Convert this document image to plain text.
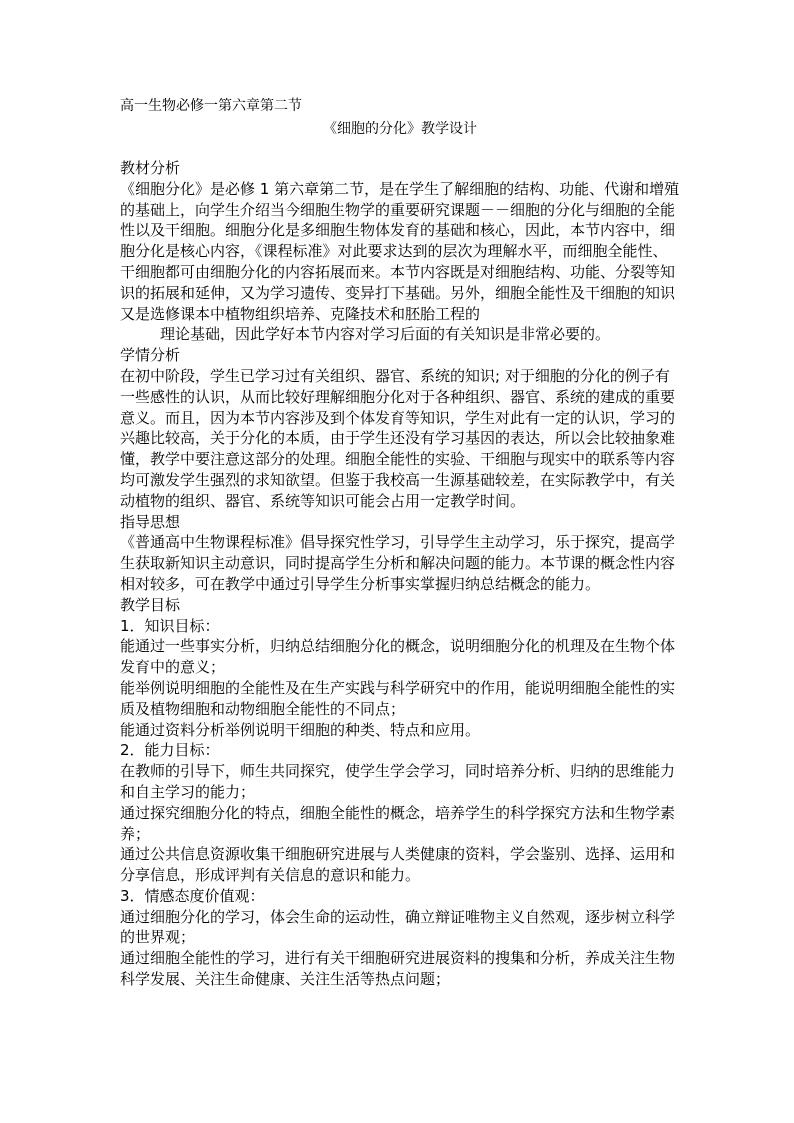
高一生物必修一第六章第二节
《细胞的分化》教学设计

教材分析

《细胞分化》是必修 1 第六章第二节，是在学生了解细胞的结构、功能、代谢和增殖的基础上，向学生介绍当今细胞生物学的重要研究课题－－细胞的分化与细胞的全能性以及干细胞。细胞分化是多细胞生物体发育的基础和核心，因此，本节内容中，细胞分化是核心内容，《课程标准》对此要求达到的层次为理解水平，而细胞全能性、干细胞都可由细胞分化的内容拓展而来。本节内容既是对细胞结构、功能、分裂等知识的拓展和延伸，又为学习遗传、变异打下基础。另外，细胞全能性及干细胞的知识又是选修课本中植物组织培养、克隆技术和胚胎工程的

理论基础，因此学好本节内容对学习后面的有关知识是非常必要的。

学情分析

在初中阶段，学生已学习过有关组织、器官、系统的知识; 对于细胞的分化的例子有一些感性的认识，从而比较好理解细胞分化对于各种组织、器官、系统的建成的重要意义。而且，因为本节内容涉及到个体发育等知识，学生对此有一定的认识，学习的兴趣比较高，关于分化的本质，由于学生还没有学习基因的表达，所以会比较抽象难懂，教学中要注意这部分的处理。细胞全能性的实验、干细胞与现实中的联系等内容均可激发学生强烈的求知欲望。但鉴于我校高一生源基础较差，在实际教学中，有关动植物的组织、器官、系统等知识可能会占用一定教学时间。

指导思想

《普通高中生物课程标准》倡导探究性学习，引导学生主动学习，乐于探究，提高学生获取新知识主动意识，同时提高学生分析和解决问题的能力。本节课的概念性内容相对较多，可在教学中通过引导学生分析事实掌握归纳总结概念的能力。

教学目标

1．知识目标：

能通过一些事实分析，归纳总结细胞分化的概念，说明细胞分化的机理及在生物个体发育中的意义；

能举例说明细胞的全能性及在生产实践与科学研究中的作用，能说明细胞全能性的实质及植物细胞和动物细胞全能性的不同点；

能通过资料分析举例说明干细胞的种类、特点和应用。

2．能力目标：

在教师的引导下，师生共同探究，使学生学会学习，同时培养分析、归纳的思维能力和自主学习的能力；

通过探究细胞分化的特点，细胞全能性的概念，培养学生的科学探究方法和生物学素养；

通过公共信息资源收集干细胞研究进展与人类健康的资料，学会鉴别、选择、运用和分享信息，形成评判有关信息的意识和能力。

3．情感态度价值观：

通过细胞分化的学习，体会生命的运动性，确立辩证唯物主义自然观，逐步树立科学的世界观；

通过细胞全能性的学习，进行有关干细胞研究进展资料的搜集和分析，养成关注生物科学发展、关注生命健康、关注生活等热点问题；
